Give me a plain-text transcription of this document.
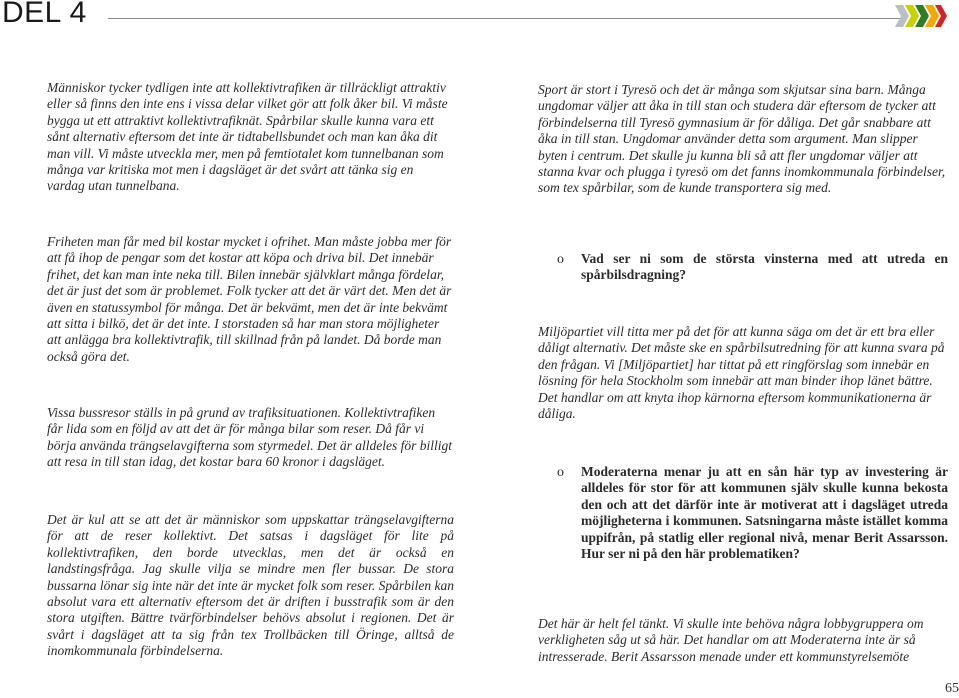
DEL 4

Människor tycker tydligen inte att kollektivtrafiken är tillräckligt attraktiv eller så finns den inte ens i vissa delar vilket gör att folk åker bil. Vi måste bygga ut ett attraktivt kollektivtrafiknät. Spårbilar skulle kunna vara ett sånt alternativ eftersom det inte är tidtabellsbundet och man kan åka dit man vill. Vi måste utveckla mer, men på femtiotalet kom tunnelbanan som många var kritiska mot men i dagsläget är det svårt att tänka sig en vardag utan tunnelbana.

Friheten man får med bil kostar mycket i ofrihet. Man måste jobba mer för att få ihop de pengar som det kostar att köpa och driva bil. Det innebär frihet, det kan man inte neka till. Bilen innebär självklart många fördelar, det är just det som är problemet. Folk tycker att det är värt det. Men det är även en statussymbol för många. Det är bekvämt, men det är inte bekvämt att sitta i bilkö, det är det inte. I storstaden så har man stora möjligheter att anlägga bra kollektivtrafik, till skillnad från på landet. Då borde man också göra det.

Vissa bussresor ställs in på grund av trafiksituationen. Kollektivtrafiken får lida som en följd av att det är för många bilar som reser. Då får vi börja använda trängselavgifterna som styrmedel. Det är alldeles för billigt att resa in till stan idag, det kostar bara 60 kronor i dagsläget.

Det är kul att se att det är människor som uppskattar trängselavgifterna för att de reser kollektivt. Det satsas i dagsläget för lite på kollektivtrafiken, den borde utvecklas, men det är också en landstingsfråga. Jag skulle vilja se mindre men fler bussar. De stora bussarna lönar sig inte när det inte är mycket folk som reser. Spårbilen kan absolut vara ett alternativ eftersom det är driften i busstrafik som är den stora utgiften. Bättre tvärförbindelser behövs absolut i regionen. Det är svårt i dagsläget att ta sig från tex Trollbäcken till Öringe, alltså de inomkommunala förbindelserna.

Sport är stort i Tyresö och det är många som skjutsar sina barn. Många ungdomar väljer att åka in till stan och studera där eftersom de tycker att förbindelserna till Tyresö gymnasium är för dåliga. Det går snabbare att åka in till stan. Ungdomar använder detta som argument. Man slipper byten i centrum. Det skulle ju kunna bli så att fler ungdomar väljer att stanna kvar och plugga i tyresö om det fanns inomkommunala förbindelser, som tex spårbilar, som de kunde transportera sig med.

o Vad ser ni som de största vinsterna med att utreda en spårbilsdragning?

Miljöpartiet vill titta mer på det för att kunna säga om det är ett bra eller dåligt alternativ. Det måste ske en spårbilsutredning för att kunna svara på den frågan. Vi [Miljöpartiet] har tittat på ett ringförslag som innebär en lösning för hela Stockholm som innebär att man binder ihop länet bättre. Det handlar om att knyta ihop kärnorna eftersom kommunikationerna är dåliga.

o Moderaterna menar ju att en sån här typ av investering är alldeles för stor för att kommunen själv skulle kunna bekosta den och att det därför inte är motiverat att i dagsläget utreda möjligheterna i kommunen. Satsningarna måste istället komma uppifrån, på statlig eller regional nivå, menar Berit Assarsson. Hur ser ni på den här problematiken?

Det här är helt fel tänkt. Vi skulle inte behöva några lobbygruppera om verkligheten såg ut så här. Det handlar om att Moderaterna inte är så intresserade. Berit Assarsson menade under ett kommunstyrelsemöte

65
